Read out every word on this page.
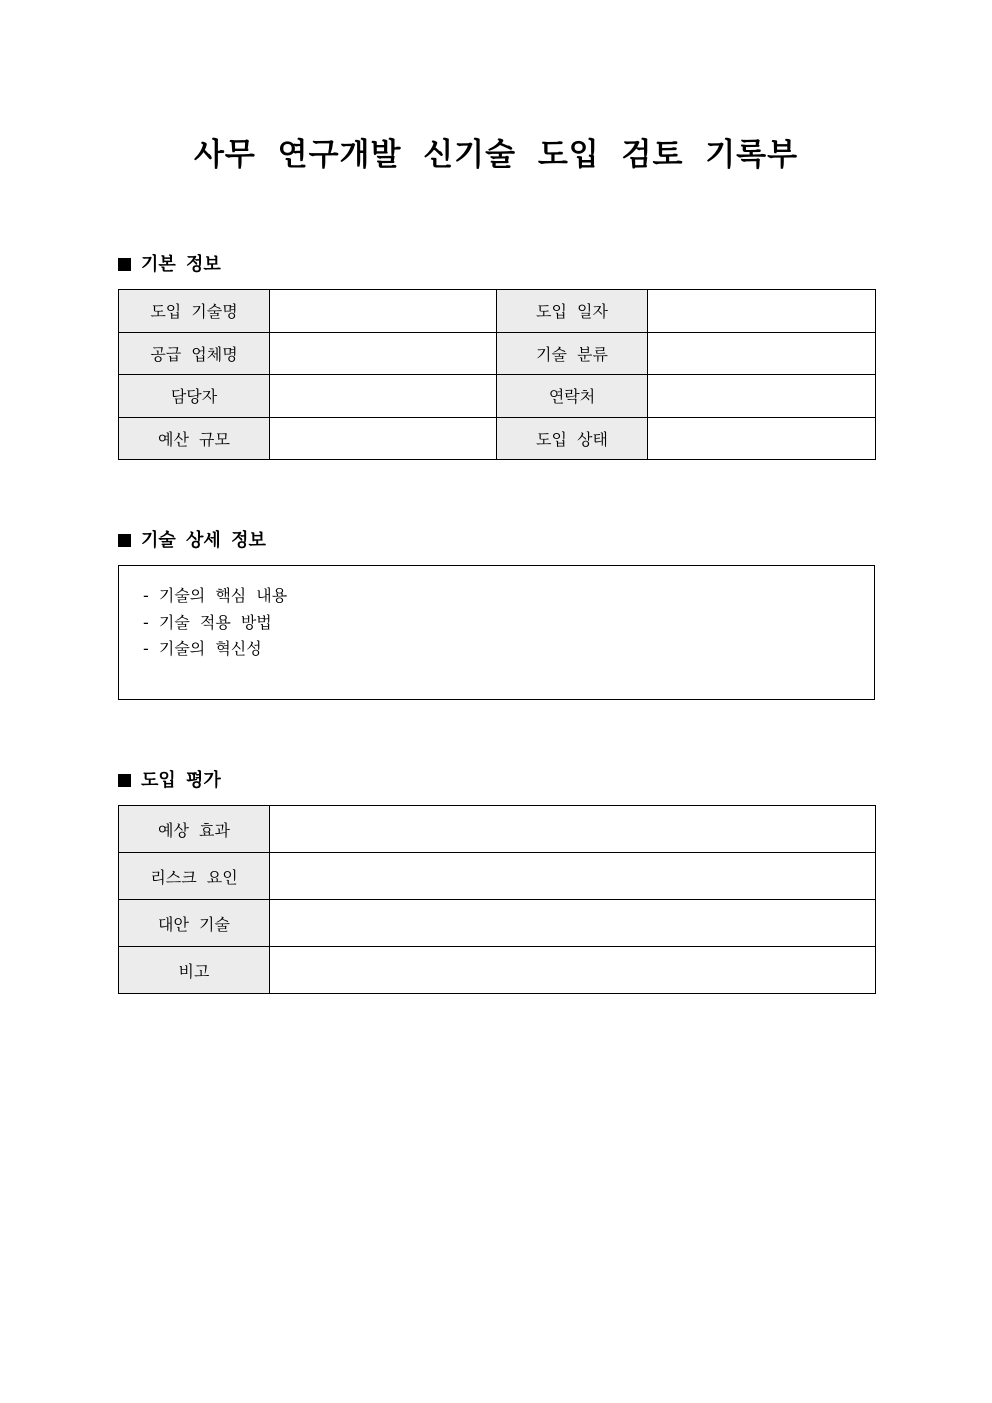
사무 연구개발 신기술 도입 검토 기록부
기본 정보
도입 기술명		도입 일자	
공급 업체명		기술 분류	
담당자		연락처	
예산 규모		도입 상태	
기술 상세 정보
- 기술의 핵심 내용
- 기술 적용 방법
- 기술의 혁신성
도입 평가
예상 효과	
리스크 요인	
대안 기술	
비고	
